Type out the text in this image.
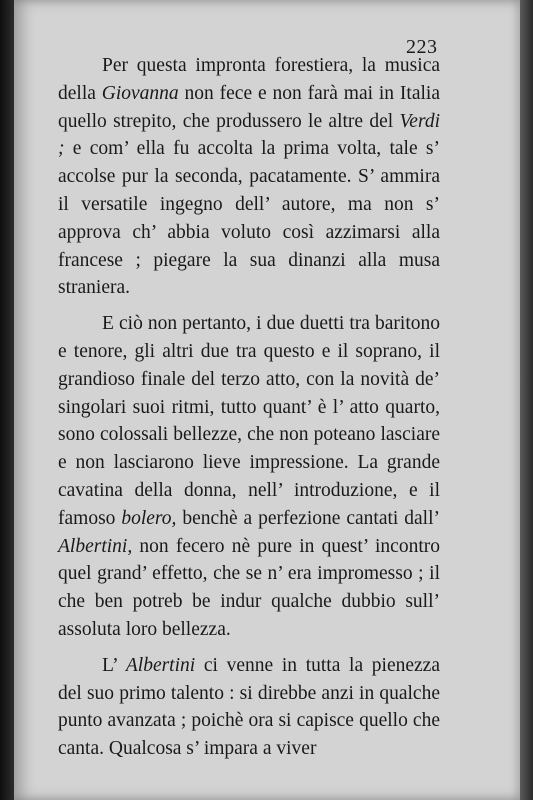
223

Per questa impronta forestiera, la musica della Giovanna non fece e non farà mai in Italia quello strepito, che produssero le altre del Verdi ; e com’ ella fu accolta la prima volta, tale s’ accolse pur la seconda, pacatamente. S’ ammira il versatile ingegno dell’ autore, ma non s’ approva ch’ abbia voluto così azzimarsi alla francese ; piegare la sua dinanzi alla musa straniera.

E ciò non pertanto, i due duetti tra baritono e tenore, gli altri due tra questo e il soprano, il grandioso finale del terzo atto, con la novità de’ singolari suoi ritmi, tutto quant’ è l’ atto quarto, sono colossali bellezze, che non poteano lasciare e non lasciarono lieve impressione. La grande cavatina della donna, nell’ introduzione, e il famoso bolero, benchè a perfezione cantati dall’ Albertini, non fecero nè pure in quest’ incontro quel grand’ effetto, che se n’ era impromesso ; il che ben potreb be indur qualche dubbio sull’ assoluta loro bellezza.

L’ Albertini ci venne in tutta la pienezza del suo primo talento : si direbbe anzi in qualche punto avanzata ; poichè ora si capisce quello che canta. Qualcosa s’ impara a viver
